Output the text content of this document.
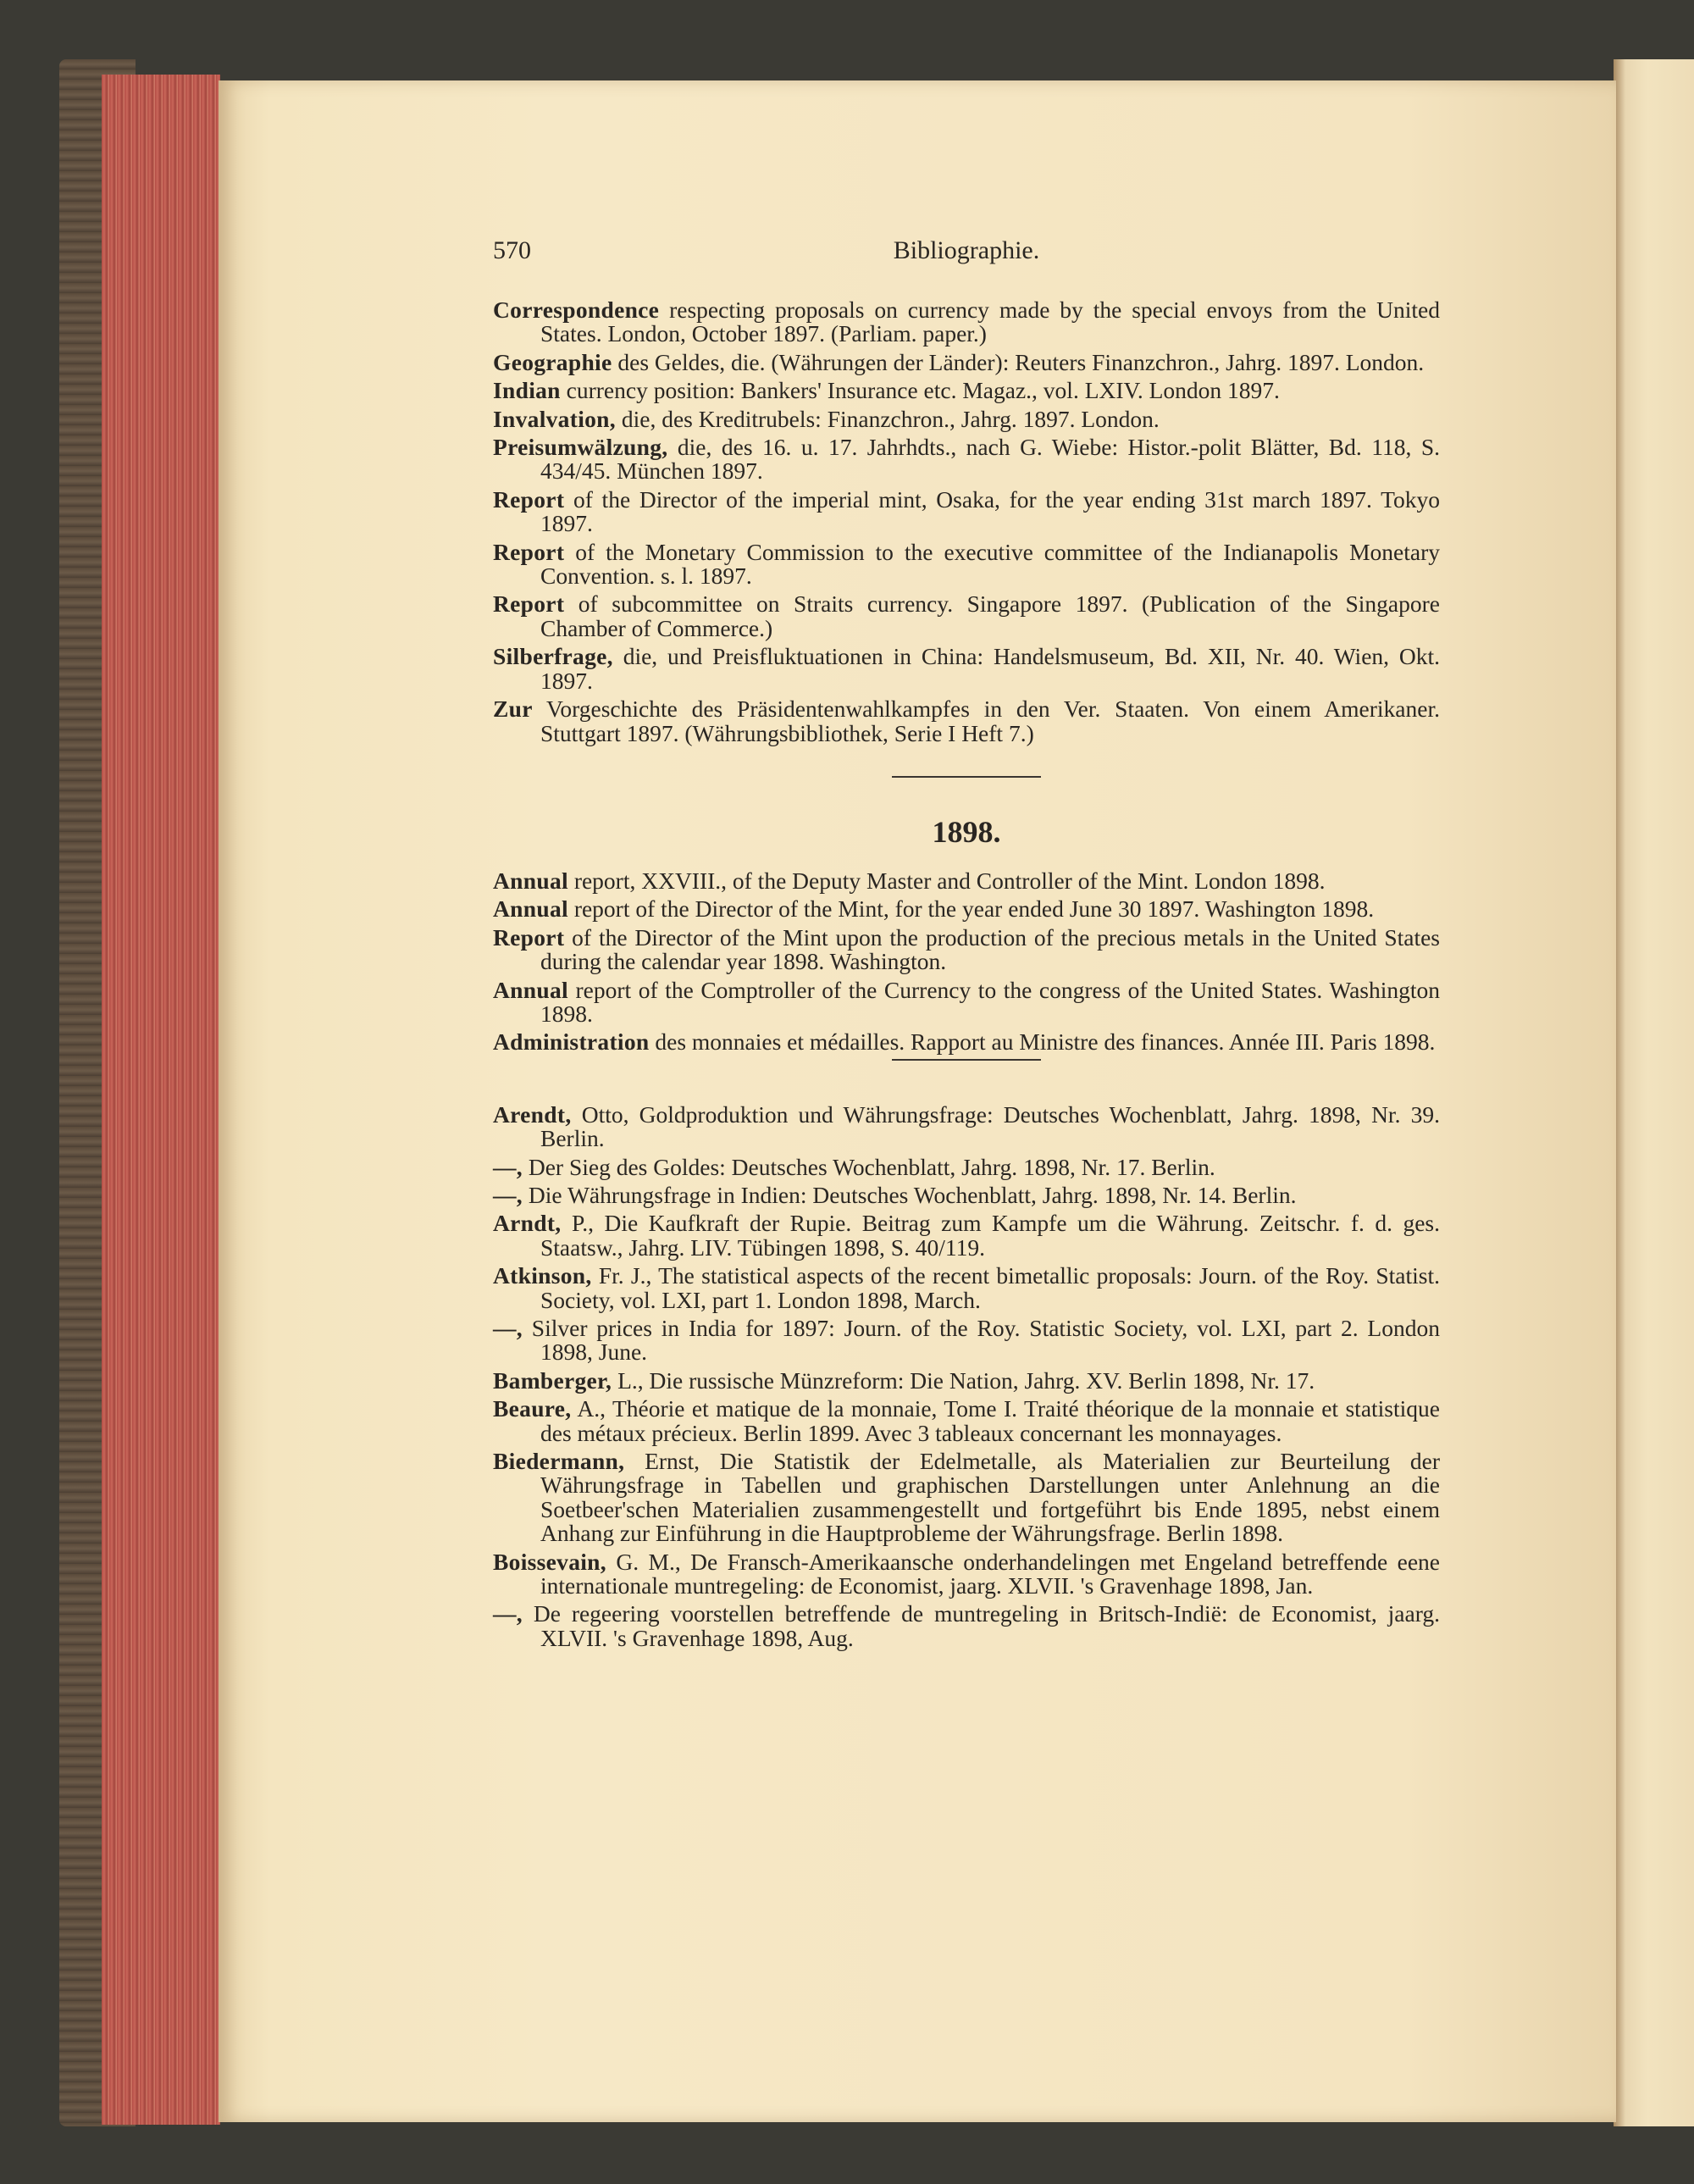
570	Bibliographie.

Correspondence respecting proposals on currency made by the special envoys from the United States. London, October 1897. (Parliam. paper.)

Geographie des Geldes, die. (Währungen der Länder): Reuters Finanzchron., Jahrg. 1897. London.

Indian currency position: Bankers' Insurance etc. Magaz., vol. LXIV. London 1897.

Invalvation, die, des Kreditrubels: Finanzchron., Jahrg. 1897. London.

Preisumwälzung, die, des 16. u. 17. Jahrhdts., nach G. Wiebe: Histor.-polit Blätter, Bd. 118, S. 434/45. München 1897.

Report of the Director of the imperial mint, Osaka, for the year ending 31st march 1897. Tokyo 1897.

Report of the Monetary Commission to the executive committee of the Indianapolis Monetary Convention. s. l. 1897.

Report of subcommittee on Straits currency. Singapore 1897. (Publication of the Singapore Chamber of Commerce.)

Silberfrage, die, und Preisfluktuationen in China: Handelsmuseum, Bd. XII, Nr. 40. Wien, Okt. 1897.

Zur Vorgeschichte des Präsidentenwahlkampfes in den Ver. Staaten. Von einem Amerikaner. Stuttgart 1897. (Währungsbibliothek, Serie I Heft 7.)

1898.

Annual report, XXVIII., of the Deputy Master and Controller of the Mint. London 1898.

Annual report of the Director of the Mint, for the year ended June 30 1897. Washington 1898.

Report of the Director of the Mint upon the production of the precious metals in the United States during the calendar year 1898. Washington.

Annual report of the Comptroller of the Currency to the congress of the United States. Washington 1898.

Administration des monnaies et médailles. Rapport au Ministre des finances. Année III. Paris 1898.

Arendt, Otto, Goldproduktion und Währungsfrage: Deutsches Wochenblatt, Jahrg. 1898, Nr. 39. Berlin.

—, Der Sieg des Goldes: Deutsches Wochenblatt, Jahrg. 1898, Nr. 17. Berlin.

—, Die Währungsfrage in Indien: Deutsches Wochenblatt, Jahrg. 1898, Nr. 14. Berlin.

Arndt, P., Die Kaufkraft der Rupie. Beitrag zum Kampfe um die Währung. Zeitschr. f. d. ges. Staatsw., Jahrg. LIV. Tübingen 1898, S. 40/119.

Atkinson, Fr. J., The statistical aspects of the recent bimetallic proposals: Journ. of the Roy. Statist. Society, vol. LXI, part 1. London 1898, March.

—, Silver prices in India for 1897: Journ. of the Roy. Statistic Society, vol. LXI, part 2. London 1898, June.

Bamberger, L., Die russische Münzreform: Die Nation, Jahrg. XV. Berlin 1898, Nr. 17.

Beaure, A., Théorie et matique de la monnaie, Tome I. Traité théorique de la monnaie et statistique des métaux précieux. Berlin 1899. Avec 3 tableaux concernant les monnayages.

Biedermann, Ernst, Die Statistik der Edelmetalle, als Materialien zur Beurteilung der Währungsfrage in Tabellen und graphischen Darstellungen unter Anlehnung an die Soetbeer'schen Materialien zusammengestellt und fortgeführt bis Ende 1895, nebst einem Anhang zur Einführung in die Hauptprobleme der Währungsfrage. Berlin 1898.

Boissevain, G. M., De Fransch-Amerikaansche onderhandelingen met Engeland betreffende eene internationale muntregeling: de Economist, jaarg. XLVII. 's Gravenhage 1898, Jan.

—, De regeering voorstellen betreffende de muntregeling in Britsch-Indië: de Economist, jaarg. XLVII. 's Gravenhage 1898, Aug.
